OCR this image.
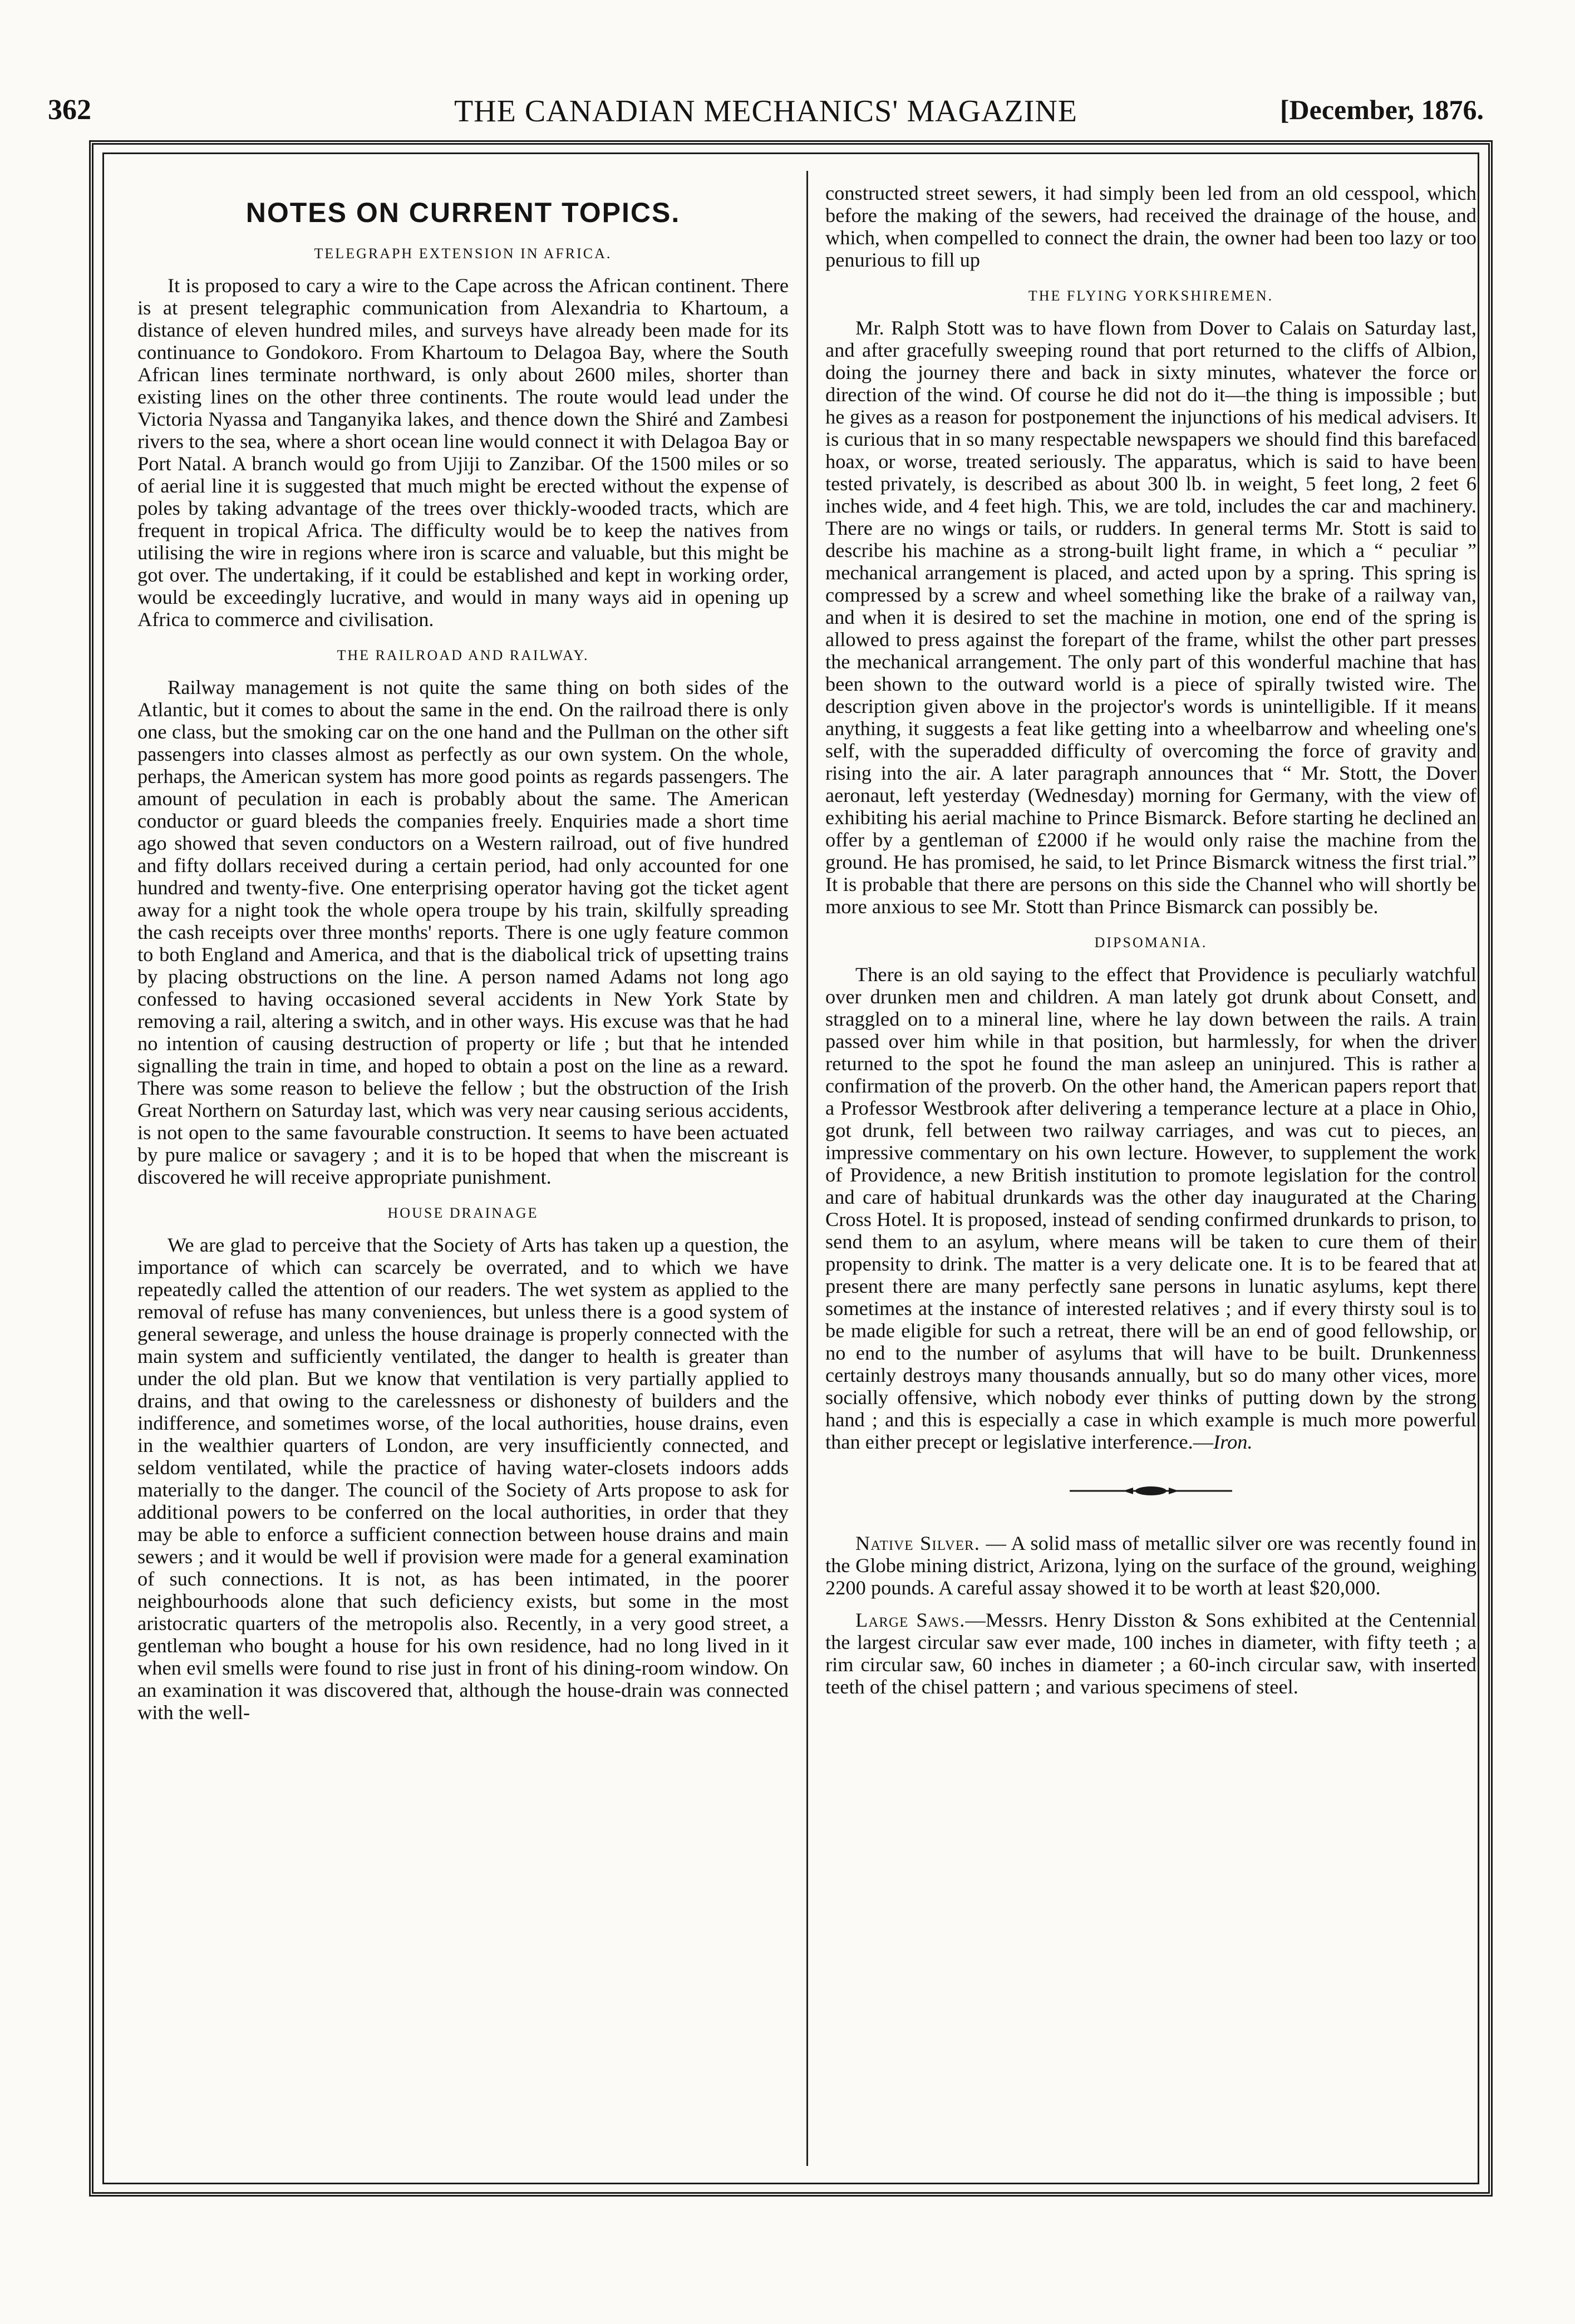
362	THE CANADIAN MECHANICS' MAGAZINE	[December, 1876.
NOTES ON CURRENT TOPICS.
TELEGRAPH EXTENSION IN AFRICA.

It is proposed to cary a wire to the Cape across the African continent. There is at present telegraphic communication from Alexandria to Khartoum, a distance of eleven hundred miles, and surveys have already been made for its continuance to Gondokoro. From Khartoum to Delagoa Bay, where the South African lines terminate northward, is only about 2600 miles, shorter than existing lines on the other three continents. The route would lead under the Victoria Nyassa and Tanganyika lakes, and thence down the Shiré and Zambesi rivers to the sea, where a short ocean line would connect it with Delagoa Bay or Port Natal. A branch would go from Ujiji to Zanzibar. Of the 1500 miles or so of aerial line it is suggested that much might be erected without the expense of poles by taking advantage of the trees over thickly-wooded tracts, which are frequent in tropical Africa. The difficulty would be to keep the natives from utilising the wire in regions where iron is scarce and valuable, but this might be got over. The undertaking, if it could be established and kept in working order, would be exceedingly lucrative, and would in many ways aid in opening up Africa to commerce and civilisation.

THE RAILROAD AND RAILWAY.

Railway management is not quite the same thing on both sides of the Atlantic, but it comes to about the same in the end. On the railroad there is only one class, but the smoking car on the one hand and the Pullman on the other sift passengers into classes almost as perfectly as our own system. On the whole, perhaps, the American system has more good points as regards passengers. The amount of peculation in each is probably about the same. The American conductor or guard bleeds the companies freely. Enquiries made a short time ago showed that seven conductors on a Western railroad, out of five hundred and fifty dollars received during a certain period, had only accounted for one hundred and twenty-five. One enterprising operator having got the ticket agent away for a night took the whole opera troupe by his train, skilfully spreading the cash receipts over three months' reports. There is one ugly feature common to both England and America, and that is the diabolical trick of upsetting trains by placing obstructions on the line. A person named Adams not long ago confessed to having occasioned several accidents in New York State by removing a rail, altering a switch, and in other ways. His excuse was that he had no intention of causing destruction of property or life ; but that he intended signalling the train in time, and hoped to obtain a post on the line as a reward. There was some reason to believe the fellow ; but the obstruction of the Irish Great Northern on Saturday last, which was very near causing serious accidents, is not open to the same favourable construction. It seems to have been actuated by pure malice or savagery ; and it is to be hoped that when the miscreant is discovered he will receive appropriate punishment.

HOUSE DRAINAGE

We are glad to perceive that the Society of Arts has taken up a question, the importance of which can scarcely be overrated, and to which we have repeatedly called the attention of our readers. The wet system as applied to the removal of refuse has many conveniences, but unless there is a good system of general sewerage, and unless the house drainage is properly connected with the main system and sufficiently ventilated, the danger to health is greater than under the old plan. But we know that ventilation is very partially applied to drains, and that owing to the carelessness or dishonesty of builders and the indifference, and sometimes worse, of the local authorities, house drains, even in the wealthier quarters of London, are very insufficiently connected, and seldom ventilated, while the practice of having water-closets indoors adds materially to the danger. The council of the Society of Arts propose to ask for additional powers to be conferred on the local authorities, in order that they may be able to enforce a sufficient connection between house drains and main sewers ; and it would be well if provision were made for a general examination of such connections. It is not, as has been intimated, in the poorer neighbourhoods alone that such deficiency exists, but some in the most aristocratic quarters of the metropolis also. Recently, in a very good street, a gentleman who bought a house for his own residence, had no long lived in it when evil smells were found to rise just in front of his dining-room window. On an examination it was discovered that, although the house-drain was connected with the well-

constructed street sewers, it had simply been led from an old cesspool, which before the making of the sewers, had received the drainage of the house, and which, when compelled to connect the drain, the owner had been too lazy or too penurious to fill up

THE FLYING YORKSHIREMEN.

Mr. Ralph Stott was to have flown from Dover to Calais on Saturday last, and after gracefully sweeping round that port returned to the cliffs of Albion, doing the journey there and back in sixty minutes, whatever the force or direction of the wind. Of course he did not do it—the thing is impossible ; but he gives as a reason for postponement the injunctions of his medical advisers. It is curious that in so many respectable newspapers we should find this barefaced hoax, or worse, treated seriously. The apparatus, which is said to have been tested privately, is described as about 300 lb. in weight, 5 feet long, 2 feet 6 inches wide, and 4 feet high. This, we are told, includes the car and machinery. There are no wings or tails, or rudders. In general terms Mr. Stott is said to describe his machine as a strong-built light frame, in which a “ peculiar ” mechanical arrangement is placed, and acted upon by a spring. This spring is compressed by a screw and wheel something like the brake of a railway van, and when it is desired to set the machine in motion, one end of the spring is allowed to press against the forepart of the frame, whilst the other part presses the mechanical arrangement. The only part of this wonderful machine that has been shown to the outward world is a piece of spirally twisted wire. The description given above in the projector's words is unintelligible. If it means anything, it suggests a feat like getting into a wheelbarrow and wheeling one's self, with the superadded difficulty of overcoming the force of gravity and rising into the air. A later paragraph announces that “ Mr. Stott, the Dover aeronaut, left yesterday (Wednesday) morning for Germany, with the view of exhibiting his aerial machine to Prince Bismarck. Before starting he declined an offer by a gentleman of £2000 if he would only raise the machine from the ground. He has promised, he said, to let Prince Bismarck witness the first trial.” It is probable that there are persons on this side the Channel who will shortly be more anxious to see Mr. Stott than Prince Bismarck can possibly be.

DIPSOMANIA.

There is an old saying to the effect that Providence is peculiarly watchful over drunken men and children. A man lately got drunk about Consett, and straggled on to a mineral line, where he lay down between the rails. A train passed over him while in that position, but harmlessly, for when the driver returned to the spot he found the man asleep an uninjured. This is rather a confirmation of the proverb. On the other hand, the American papers report that a Professor Westbrook after delivering a temperance lecture at a place in Ohio, got drunk, fell between two railway carriages, and was cut to pieces, an impressive commentary on his own lecture. However, to supplement the work of Providence, a new British institution to promote legislation for the control and care of habitual drunkards was the other day inaugurated at the Charing Cross Hotel. It is proposed, instead of sending confirmed drunkards to prison, to send them to an asylum, where means will be taken to cure them of their propensity to drink. The matter is a very delicate one. It is to be feared that at present there are many perfectly sane persons in lunatic asylums, kept there sometimes at the instance of interested relatives ; and if every thirsty soul is to be made eligible for such a retreat, there will be an end of good fellowship, or no end to the number of asylums that will have to be built. Drunkenness certainly destroys many thousands annually, but so do many other vices, more socially offensive, which nobody ever thinks of putting down by the strong hand ; and this is especially a case in which example is much more powerful than either precept or legislative interference.—Iron.

Native Silver. — A solid mass of metallic silver ore was recently found in the Globe mining district, Arizona, lying on the surface of the ground, weighing 2200 pounds. A careful assay showed it to be worth at least $20,000.

Large Saws.—Messrs. Henry Disston & Sons exhibited at the Centennial the largest circular saw ever made, 100 inches in diameter, with fifty teeth ; a rim circular saw, 60 inches in diameter ; a 60-inch circular saw, with inserted teeth of the chisel pattern ; and various specimens of steel.
